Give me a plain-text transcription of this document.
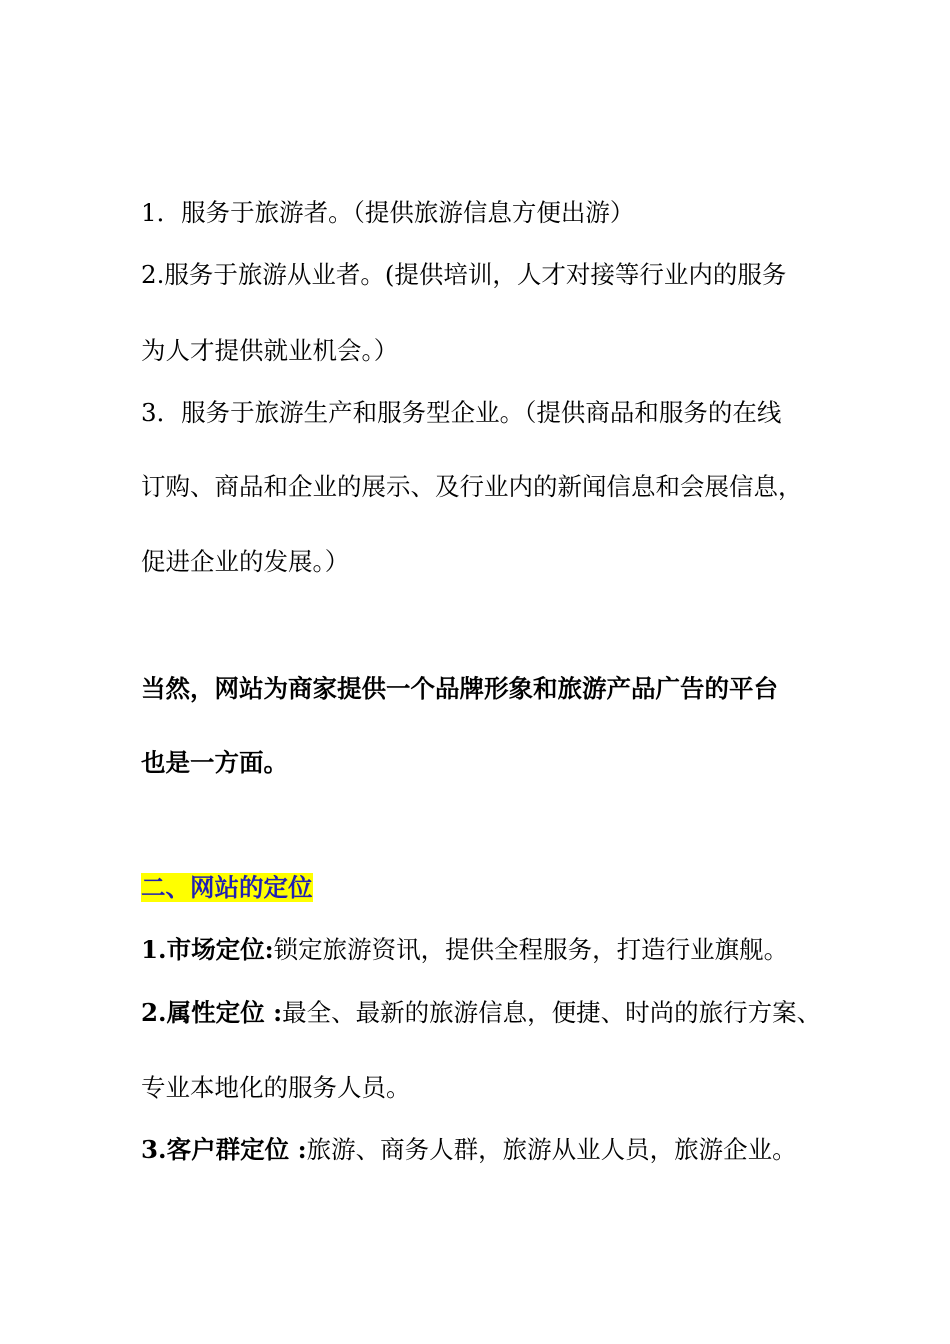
1．服务于旅游者。（提供旅游信息方便出游）
2.服务于旅游从业者。(提供培训，人才对接等行业内的服务
为人才提供就业机会。）
3．服务于旅游生产和服务型企业。（提供商品和服务的在线
订购、商品和企业的展示、及行业内的新闻信息和会展信息，
促进企业的发展。）
当然，网站为商家提供一个品牌形象和旅游产品广告的平台
也是一方面。
二、网站的定位
1.市场定位:锁定旅游资讯，提供全程服务，打造行业旗舰。
2.属性定位 :最全、最新的旅游信息，便捷、时尚的旅行方案、
专业本地化的服务人员。
3.客户群定位 :旅游、商务人群，旅游从业人员，旅游企业。
